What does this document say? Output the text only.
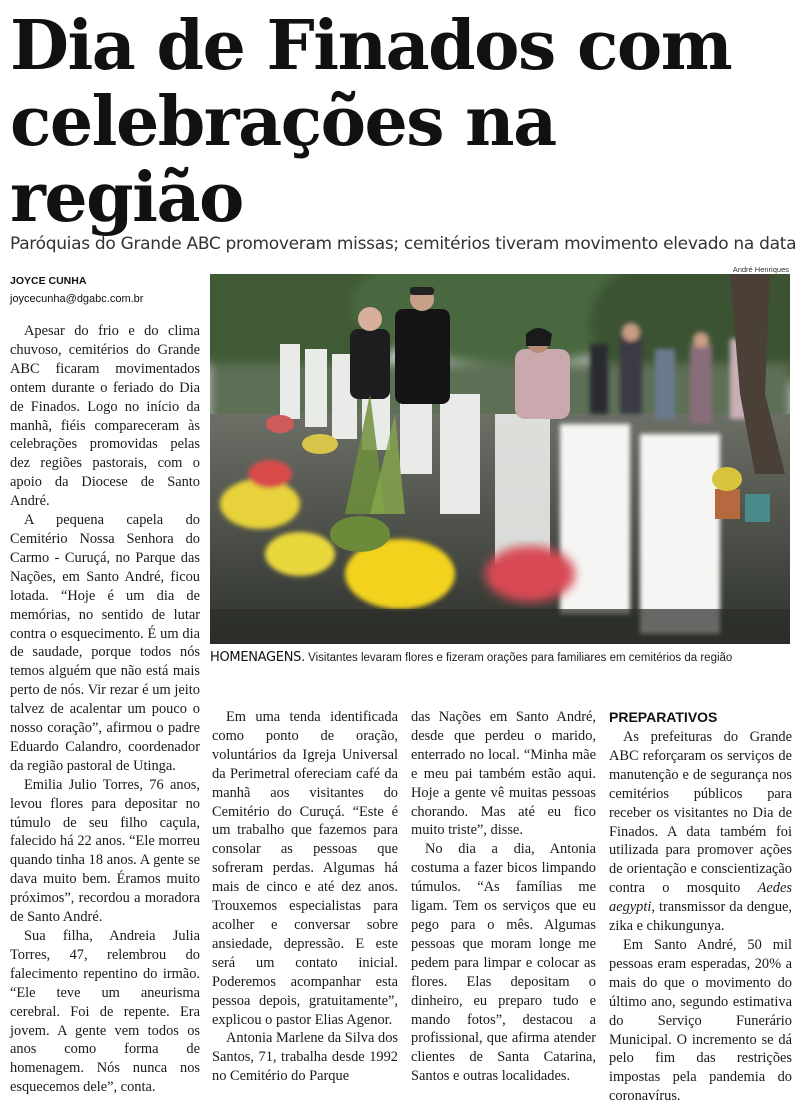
Dia de Finados com
celebrações na região
Paróquias do Grande ABC promoveram missas; cemitérios tiveram movimento elevado na data
JOYCE CUNHA
joycecunha@dgabc.com.br
André Henriques
HOMENAGENS. Visitantes levaram flores e fizeram orações para familiares em cemitérios da região

Apesar do frio e do clima chuvoso, cemitérios do Grande ABC ficaram movimentados ontem durante o feriado do Dia de Finados. Logo no início da manhã, fiéis compareceram às celebrações promovidas pelas dez regiões pastorais, com o apoio da Diocese de Santo André.

A pequena capela do Cemitério Nossa Senhora do Carmo - Curuçá, no Parque das Nações, em Santo André, ficou lotada. “Hoje é um dia de memórias, no sentido de lutar contra o esquecimento. É um dia de saudade, porque todos nós temos alguém que não está mais perto de nós. Vir rezar é um jeito talvez de acalentar um pouco o nosso coração”, afirmou o padre Eduardo Calandro, coordenador da região pastoral de Utinga.

Emilia Julio Torres, 76 anos, levou flores para depositar no túmulo de seu filho caçula, falecido há 22 anos. “Ele morreu quando tinha 18 anos. A gente se dava muito bem. Éramos muito próximos”, recordou a moradora de Santo André.

Sua filha, Andreia Julia Torres, 47, relembrou do falecimento repentino do irmão. “Ele teve um aneurisma cerebral. Foi de repente. Era jovem. A gente vem todos os anos como forma de homenagem. Nós nunca nos esquecemos dele”, conta.

Em uma tenda identificada como ponto de oração, voluntários da Igreja Universal da Perimetral ofereciam café da manhã aos visitantes do Cemitério do Curuçá. “Este é um trabalho que fazemos para consolar as pessoas que sofreram perdas. Algumas há mais de cinco e até dez anos. Trouxemos especialistas para acolher e conversar sobre ansiedade, depressão. E este será um contato inicial. Poderemos acompanhar esta pessoa depois, gratuitamente”, explicou o pastor Elias Agenor.

Antonia Marlene da Silva dos Santos, 71, trabalha desde 1992 no Cemitério do Parque

das Nações em Santo André, desde que perdeu o marido, enterrado no local. “Minha mãe e meu pai também estão aqui. Hoje a gente vê muitas pessoas chorando. Mas até eu fico muito triste”, disse.

No dia a dia, Antonia costuma a fazer bicos limpando túmulos. “As famílias me ligam. Tem os serviços que eu pego para o mês. Algumas pessoas que moram longe me pedem para limpar e colocar as flores. Elas depositam o dinheiro, eu preparo tudo e mando fotos”, destacou a profissional, que afirma atender clientes de Santa Catarina, Santos e outras localidades.

PREPARATIVOS

As prefeituras do Grande ABC reforçaram os serviços de manutenção e de segurança nos cemitérios públicos para receber os visitantes no Dia de Finados. A data também foi utilizada para promover ações de orientação e conscientização contra o mosquito Aedes aegypti, transmissor da dengue, zika e chikungunya.

Em Santo André, 50 mil pessoas eram esperadas, 20% a mais do que o movimento do último ano, segundo estimativa do Serviço Funerário Municipal. O incremento se dá pelo fim das restrições impostas pela pandemia do coronavírus.
